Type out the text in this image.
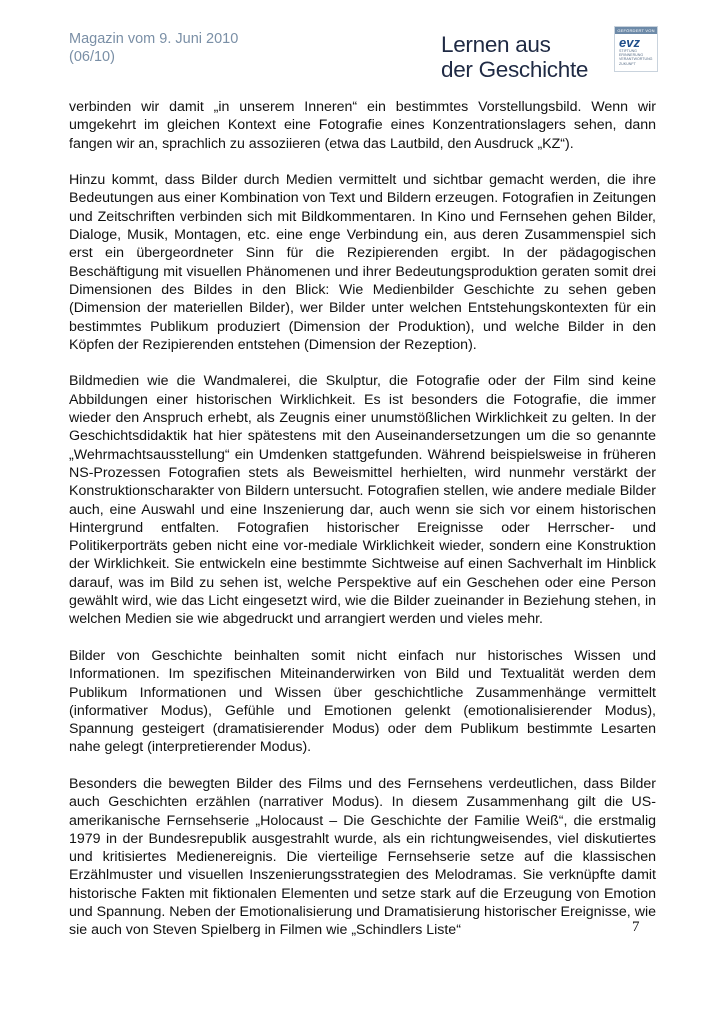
Magazin vom 9. Juni 2010
(06/10)	Lernen aus
der Geschichte
GEFÖRDERT VON
evz
STIFTUNG
ERINNERUNG
VERANTWORTUNG
ZUKUNFT

verbinden wir damit „in unserem Inneren“ ein bestimmtes Vorstellungsbild. Wenn wir umgekehrt im gleichen Kontext eine Fotografie eines Konzentrationslagers sehen, dann fangen wir an, sprachlich zu assoziieren (etwa das Lautbild, den Ausdruck „KZ“).

Hinzu kommt, dass Bilder durch Medien vermittelt und sichtbar gemacht werden, die ihre Bedeutungen aus einer Kombination von Text und Bildern erzeugen. Fotografien in Zeitungen und Zeitschriften verbinden sich mit Bildkommentaren. In Kino und Fernsehen gehen Bilder, Dialoge, Musik, Montagen, etc. eine enge Verbindung ein, aus deren Zusammenspiel sich erst ein übergeordneter Sinn für die Rezipierenden ergibt. In der pädagogischen Beschäftigung mit visuellen Phänomenen und ihrer Bedeutungsproduktion geraten somit drei Dimensionen des Bildes in den Blick: Wie Medienbilder Geschichte zu sehen geben (Dimension der materiellen Bilder), wer Bilder unter welchen Entstehungskontexten für ein bestimmtes Publikum produziert (Dimension der Produktion), und welche Bilder in den Köpfen der Rezipierenden entstehen (Dimension der Rezeption).

Bildmedien wie die Wandmalerei, die Skulptur, die Fotografie oder der Film sind keine Abbildungen einer historischen Wirklichkeit. Es ist besonders die Fotografie, die immer wieder den Anspruch erhebt, als Zeugnis einer unumstößlichen Wirklichkeit zu gelten. In der Geschichtsdidaktik hat hier spätestens mit den Auseinandersetzungen um die so genannte „Wehrmachtsausstellung“ ein Umdenken stattgefunden. Während beispielsweise in früheren NS-Prozessen Fotografien stets als Beweismittel herhielten, wird nunmehr verstärkt der Konstruktionscharakter von Bildern untersucht. Fotografien stellen, wie andere mediale Bilder auch, eine Auswahl und eine Inszenierung dar, auch wenn sie sich vor einem historischen Hintergrund entfalten. Fotografien historischer Ereignisse oder Herrscher- und Politikerporträts geben nicht eine vor-mediale Wirklichkeit wieder, sondern eine Konstruktion der Wirklichkeit. Sie entwickeln eine bestimmte Sichtweise auf einen Sachverhalt im Hinblick darauf, was im Bild zu sehen ist, welche Perspektive auf ein Geschehen oder eine Person gewählt wird, wie das Licht eingesetzt wird, wie die Bilder zueinander in Beziehung stehen, in welchen Medien sie wie abgedruckt und arrangiert werden und vieles mehr.

Bilder von Geschichte beinhalten somit nicht einfach nur historisches Wissen und Informationen. Im spezifischen Miteinanderwirken von Bild und Textualität werden dem Publikum Informationen und Wissen über geschichtliche Zusammenhänge vermittelt (informativer Modus), Gefühle und Emotionen gelenkt (emotionalisierender Modus), Spannung gesteigert (dramatisierender Modus) oder dem Publikum bestimmte Lesarten nahe gelegt (interpretierender Modus).

Besonders die bewegten Bilder des Films und des Fernsehens verdeutlichen, dass Bilder auch Geschichten erzählen (narrativer Modus). In diesem Zusammenhang gilt die US-amerikanische Fernsehserie „Holocaust – Die Geschichte der Familie Weiß“, die erstmalig 1979 in der Bundesrepublik ausgestrahlt wurde, als ein richtungweisendes, viel diskutiertes und kritisiertes Medienereignis. Die vierteilige Fernsehserie setze auf die klassischen Erzählmuster und visuellen Inszenierungsstrategien des Melodramas. Sie verknüpfte damit historische Fakten mit fiktionalen Elementen und setze stark auf die Erzeugung von Emotion und Spannung. Neben der Emotionalisierung und Dramatisierung historischer Ereignisse, wie sie auch von Steven Spielberg in Filmen wie „Schindlers Liste“	7
